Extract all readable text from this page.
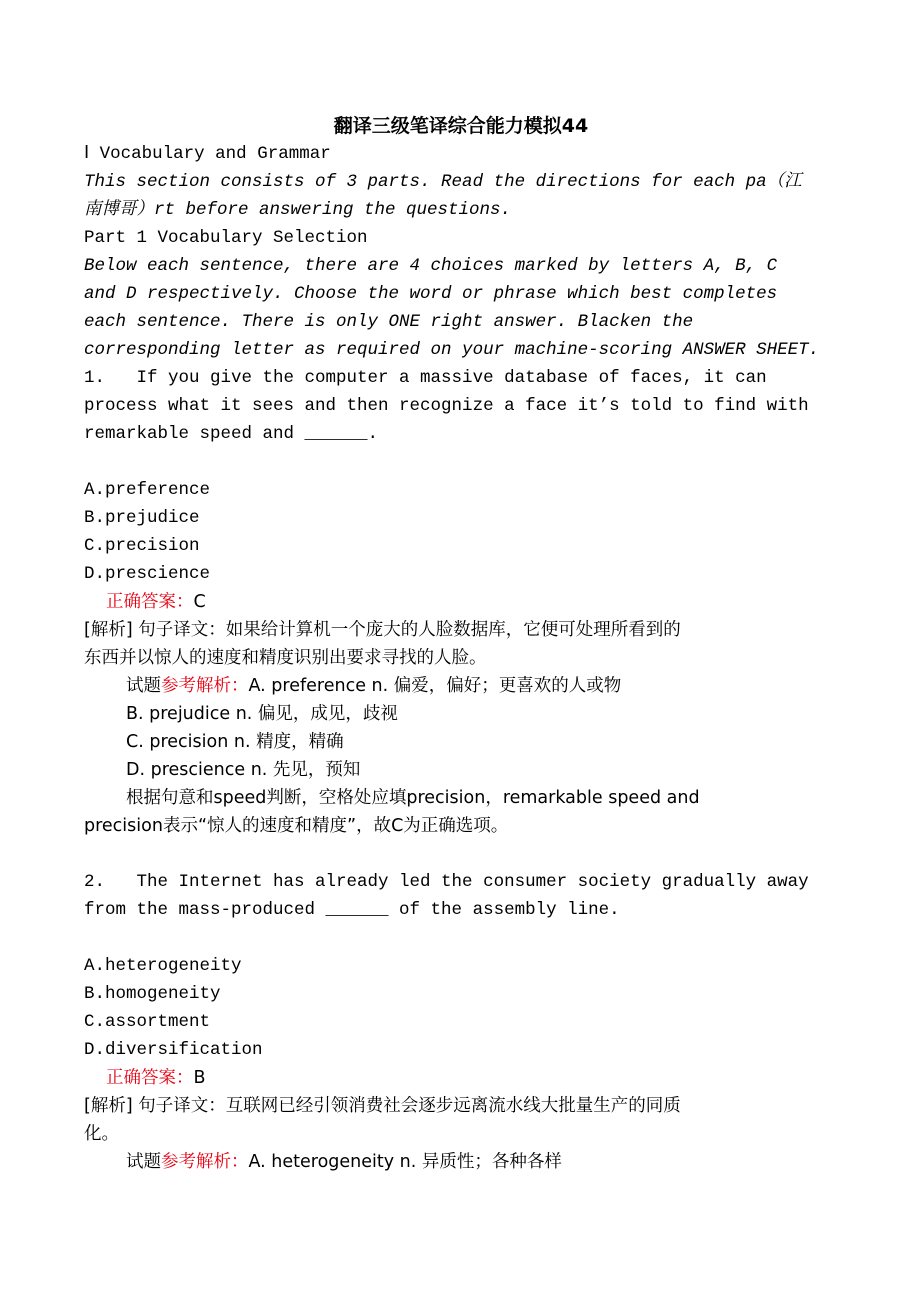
翻译三级笔译综合能力模拟44
Ⅰ Vocabulary and Grammar
This section consists of 3 parts. Read the directions for each pa（江
南博哥）rt before answering the questions.
Part 1 Vocabulary Selection
Below each sentence, there are 4 choices marked by letters A, B, C
and D respectively. Choose the word or phrase which best completes
each sentence. There is only ONE right answer. Blacken the
corresponding letter as required on your machine-scoring ANSWER SHEET.
1.   If you give the computer a massive database of faces, it can
process what it sees and then recognize a face it’s told to find with
remarkable speed and ______.
A.preference
B.prejudice
C.precision
D.prescience
正确答案：C
[解析] 句子译文：如果给计算机一个庞大的人脸数据库，它便可处理所看到的
东西并以惊人的速度和精度识别出要求寻找的人脸。
试题参考解析：A. preference n. 偏爱，偏好；更喜欢的人或物
B. prejudice n. 偏见，成见，歧视
C. precision n. 精度，精确
D. prescience n. 先见，预知
根据句意和speed判断，空格处应填precision，remarkable speed and
precision表示“惊人的速度和精度”，故C为正确选项。
2.   The Internet has already led the consumer society gradually away
from the mass-produced ______ of the assembly line.
A.heterogeneity
B.homogeneity
C.assortment
D.diversification
正确答案：B
[解析] 句子译文：互联网已经引领消费社会逐步远离流水线大批量生产的同质
化。
试题参考解析：A. heterogeneity n. 异质性；各种各样
